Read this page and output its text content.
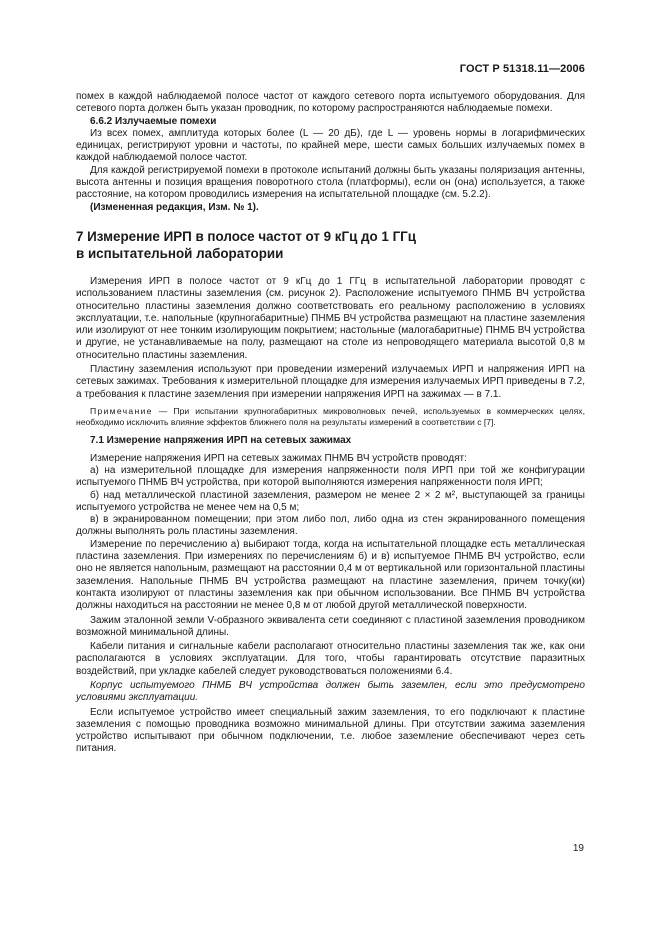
ГОСТ Р 51318.11—2006

помех в каждой наблюдаемой полосе частот от каждого сетевого порта испытуемого оборудования. Для сетевого порта должен быть указан проводник, по которому распространяются наблюдаемые помехи.

6.6.2 Излучаемые помехи

Из всех помех, амплитуда которых более (L — 20 дБ), где L — уровень нормы в логарифмических единицах, регистрируют уровни и частоты, по крайней мере, шести самых больших излучаемых помех в каждой наблюдаемой полосе частот.

Для каждой регистрируемой помехи в протоколе испытаний должны быть указаны поляризация антенны, высота антенны и позиция вращения поворотного стола (платформы), если он (она) используется, а также расстояние, на котором проводились измерения на испытательной площадке (см. 5.2.2).

(Измененная редакция, Изм. № 1).

7 Измерение ИРП в полосе частот от 9 кГц до 1 ГГц
в испытательной лаборатории

Измерения ИРП в полосе частот от 9 кГц до 1 ГГц в испытательной лаборатории проводят с использованием пластины заземления (см. рисунок 2). Расположение испытуемого ПНМБ ВЧ устройства относительно пластины заземления должно соответствовать его реальному расположению в условиях эксплуатации, т.е. напольные (крупногабаритные) ПНМБ ВЧ устройства размещают на пластине заземления или изолируют от нее тонким изолирующим покрытием; настольные (малогабаритные) ПНМБ ВЧ устройства и другие, не устанавливаемые на полу, размещают на столе из непроводящего материала высотой 0,8 м относительно пластины заземления.

Пластину заземления используют при проведении измерений излучаемых ИРП и напряжения ИРП на сетевых зажимах. Требования к измерительной площадке для измерения излучаемых ИРП приведены в 7.2, а требования к пластине заземления при измерении напряжения ИРП на зажимах — в 7.1.

Примечание — При испытании крупногабаритных микроволновых печей, используемых в коммерческих целях, необходимо исключить влияние эффектов ближнего поля на результаты измерений в соответствии с [7].

7.1 Измерение напряжения ИРП на сетевых зажимах

Измерение напряжения ИРП на сетевых зажимах ПНМБ ВЧ устройств проводят:

а) на измерительной площадке для измерения напряженности поля ИРП при той же конфигурации испытуемого ПНМБ ВЧ устройства, при которой выполняются измерения напряженности поля ИРП;

б) над металлической пластиной заземления, размером не менее 2 × 2 м², выступающей за границы испытуемого устройства не менее чем на 0,5 м;

в) в экранированном помещении; при этом либо пол, либо одна из стен экранированного помещения должны выполнять роль пластины заземления.

Измерение по перечислению а) выбирают тогда, когда на испытательной площадке есть металлическая пластина заземления. При измерениях по перечислениям б) и в) испытуемое ПНМБ ВЧ устройство, если оно не является напольным, размещают на расстоянии 0,4 м от вертикальной или горизонтальной пластины заземления. Напольные ПНМБ ВЧ устройства размещают на пластине заземления, причем точку(ки) контакта изолируют от пластины заземления как при обычном использовании. Все ПНМБ ВЧ устройства должны находиться на расстоянии не менее 0,8 м от любой другой металлической поверхности.

Зажим эталонной земли V-образного эквивалента сети соединяют с пластиной заземления проводником возможной минимальной длины.

Кабели питания и сигнальные кабели располагают относительно пластины заземления так же, как они располагаются в условиях эксплуатации. Для того, чтобы гарантировать отсутствие паразитных воздействий, при укладке кабелей следует руководствоваться положениями 6.4.

Корпус испытуемого ПНМБ ВЧ устройства должен быть заземлен, если это предусмотрено условиями эксплуатации.

Если испытуемое устройство имеет специальный зажим заземления, то его подключают к пластине заземления с помощью проводника возможно минимальной длины. При отсутствии зажима заземления устройство испытывают при обычном подключении, т.е. любое заземление обеспечивают через сеть питания.

19
